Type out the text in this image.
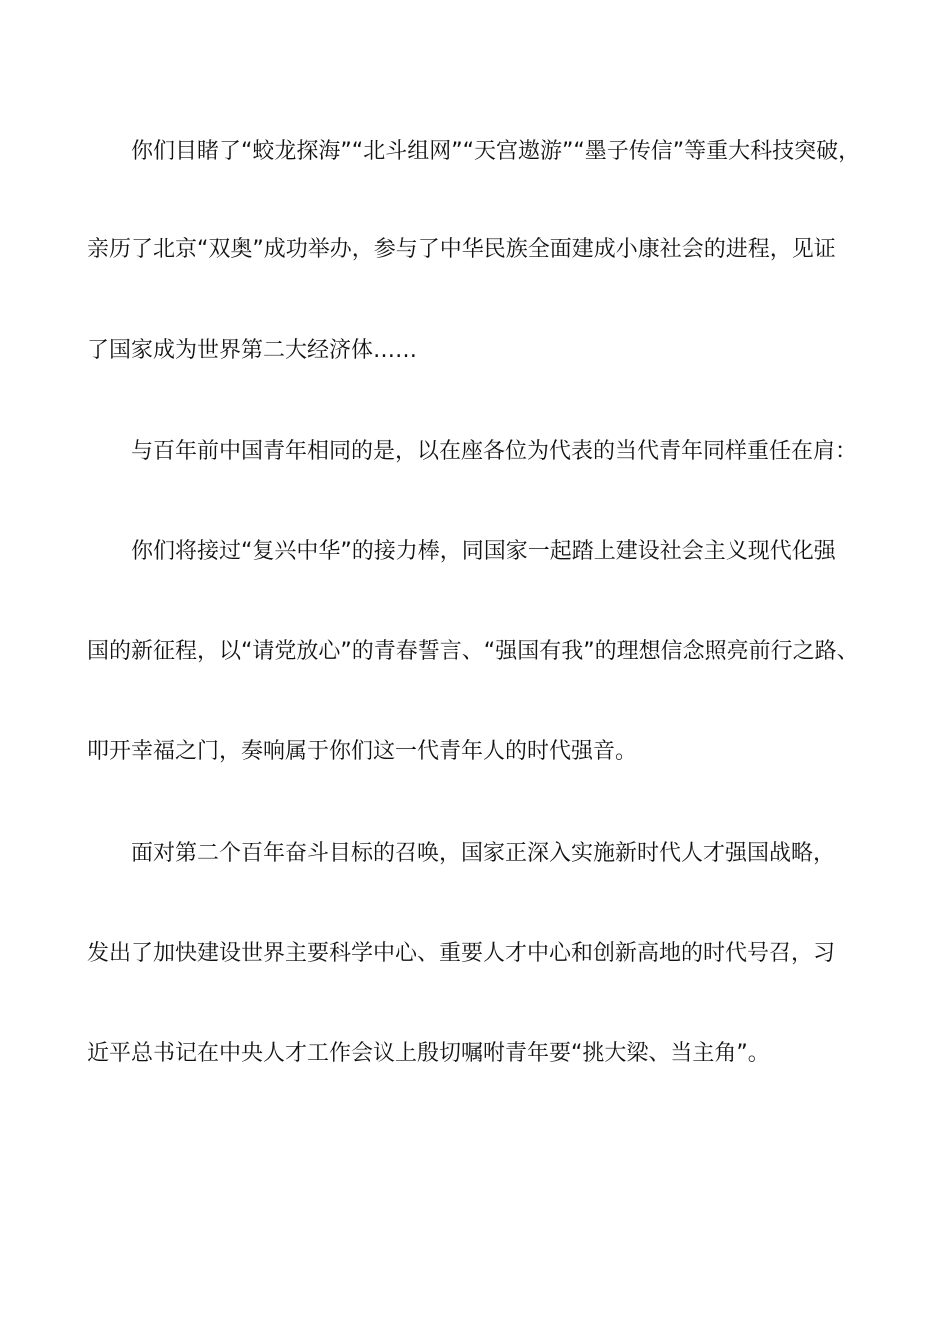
你们目睹了“蛟龙探海”“北斗组网”“天宫遨游”“墨子传信”等重大科技突破，
亲历了北京“双奥”成功举办，参与了中华民族全面建成小康社会的进程，见证
了国家成为世界第二大经济体……
与百年前中国青年相同的是，以在座各位为代表的当代青年同样重任在肩：
你们将接过“复兴中华”的接力棒，同国家一起踏上建设社会主义现代化强
国的新征程，以“请党放心”的青春誓言、“强国有我”的理想信念照亮前行之路、
叩开幸福之门，奏响属于你们这一代青年人的时代强音。
面对第二个百年奋斗目标的召唤，国家正深入实施新时代人才强国战略，
发出了加快建设世界主要科学中心、重要人才中心和创新高地的时代号召，习
近平总书记在中央人才工作会议上殷切嘱咐青年要“挑大梁、当主角”。
